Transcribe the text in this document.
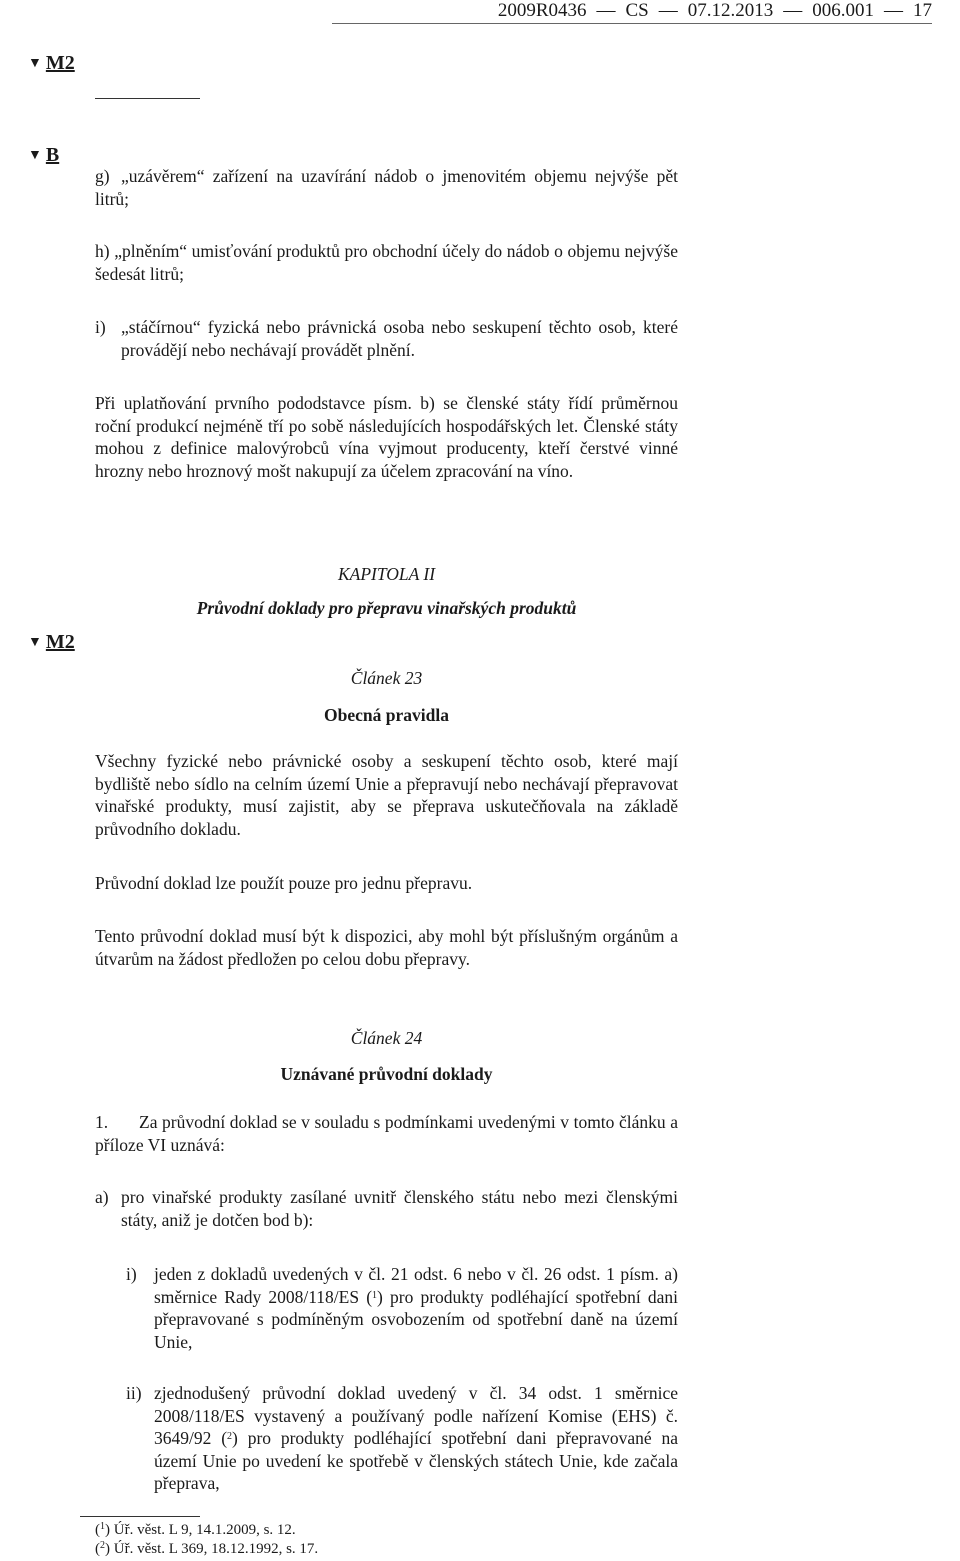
2009R0436 — CS — 07.12.2013 — 006.001 — 17
▼ M2
▼ B
g) „uzávěrem“ zařízení na uzavírání nádob o jmenovitém objemu nejvýše pět litrů;
h) „plněním“ umisťování produktů pro obchodní účely do nádob o objemu nejvýše šedesát litrů;
i) „stáčírnou“ fyzická nebo právnická osoba nebo seskupení těchto osob, které provádějí nebo nechávají provádět plnění.
Při uplatňování prvního pododstavce písm. b) se členské státy řídí průměrnou roční produkcí nejméně tří po sobě následujících hospodářských let. Členské státy mohou z definice malovýrobců vína vyjmout producenty, kteří čerstvé vinné hrozny nebo hroznový mošt nakupují za účelem zpracování na víno.
KAPITOLA II
Průvodní doklady pro přepravu vinařských produktů
▼ M2
Článek 23
Obecná pravidla
Všechny fyzické nebo právnické osoby a seskupení těchto osob, které mají bydliště nebo sídlo na celním území Unie a přepravují nebo nechávají přepravovat vinařské produkty, musí zajistit, aby se přeprava uskutečňovala na základě průvodního dokladu.
Průvodní doklad lze použít pouze pro jednu přepravu.
Tento průvodní doklad musí být k dispozici, aby mohl být příslušným orgánům a útvarům na žádost předložen po celou dobu přepravy.
Článek 24
Uznávané průvodní doklady
1. Za průvodní doklad se v souladu s podmínkami uvedenými v tomto článku a příloze VI uznává:
a) pro vinařské produkty zasílané uvnitř členského státu nebo mezi členskými státy, aniž je dotčen bod b):
i) jeden z dokladů uvedených v čl. 21 odst. 6 nebo v čl. 26 odst. 1 písm. a) směrnice Rady 2008/118/ES ($^1$) pro produkty podléhající spotřební dani přepravované s podmíněným osvobozením od spotřební daně na území Unie,
ii) zjednodušený průvodní doklad uvedený v čl. 34 odst. 1 směrnice 2008/118/ES vystavený a používaný podle nařízení Komise (EHS) č. 3649/92 ($^2$) pro produkty podléhající spotřební dani přepravované na území Unie po uvedení ke spotřebě v členských státech Unie, kde začala přeprava,
($^1$) Úř. věst. L 9, 14.1.2009, s. 12.
($^2$) Úř. věst. L 369, 18.12.1992, s. 17.
